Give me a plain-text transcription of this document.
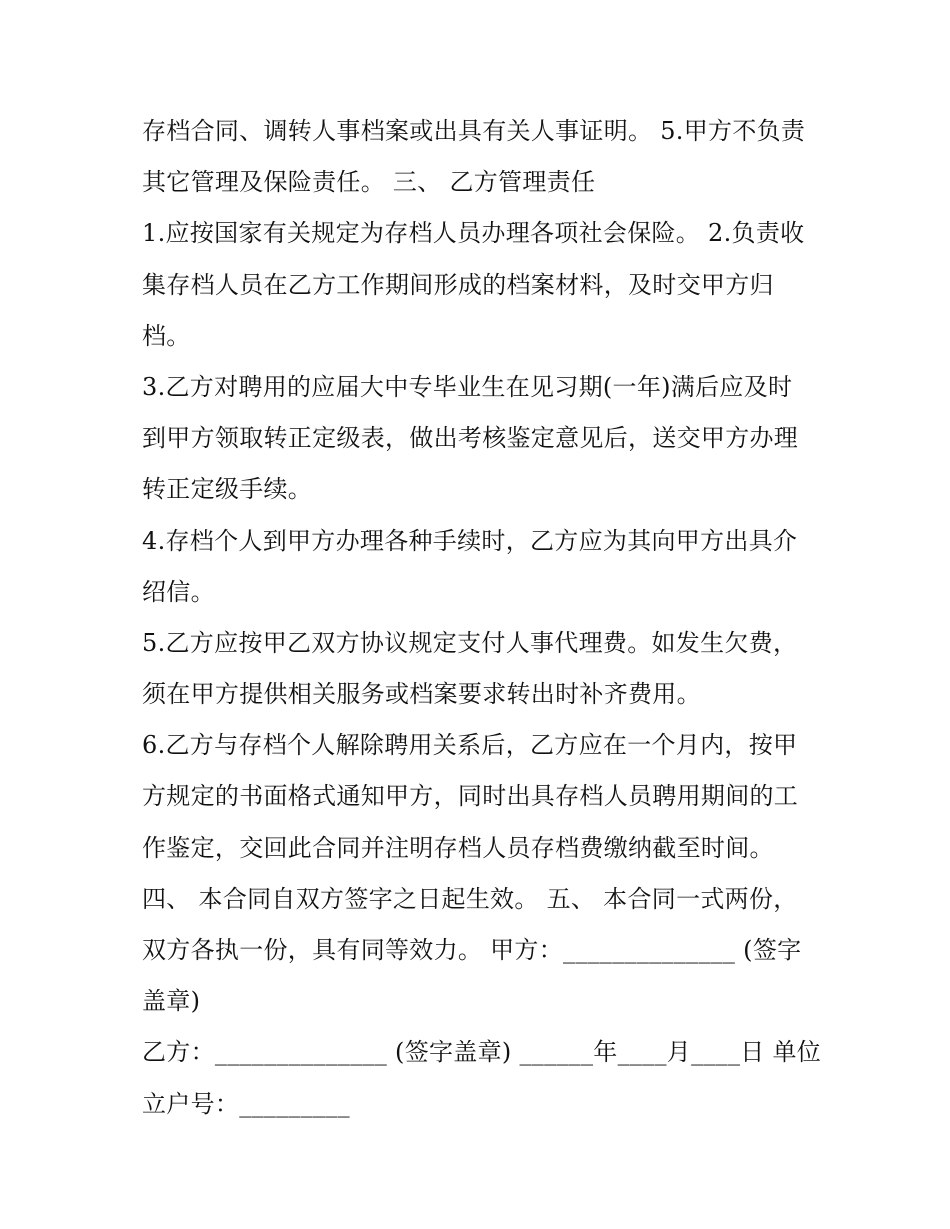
存档合同、调转人事档案或出具有关人事证明。 5.甲方不负责
其它管理及保险责任。 三、 乙方管理责任
1.应按国家有关规定为存档人员办理各项社会保险。 2.负责收
集存档人员在乙方工作期间形成的档案材料，及时交甲方归
档。
3.乙方对聘用的应届大中专毕业生在见习期(一年)满后应及时
到甲方领取转正定级表，做出考核鉴定意见后，送交甲方办理
转正定级手续。
4.存档个人到甲方办理各种手续时，乙方应为其向甲方出具介
绍信。
5.乙方应按甲乙双方协议规定支付人事代理费。如发生欠费，
须在甲方提供相关服务或档案要求转出时补齐费用。
6.乙方与存档个人解除聘用关系后，乙方应在一个月内，按甲
方规定的书面格式通知甲方，同时出具存档人员聘用期间的工
作鉴定，交回此合同并注明存档人员存档费缴纳截至时间。
四、 本合同自双方签字之日起生效。 五、 本合同一式两份，
双方各执一份，具有同等效力。 甲方：______________ (签字
盖章)
乙方：______________ (签字盖章) ______年____月____日 单位
立户号：_________
